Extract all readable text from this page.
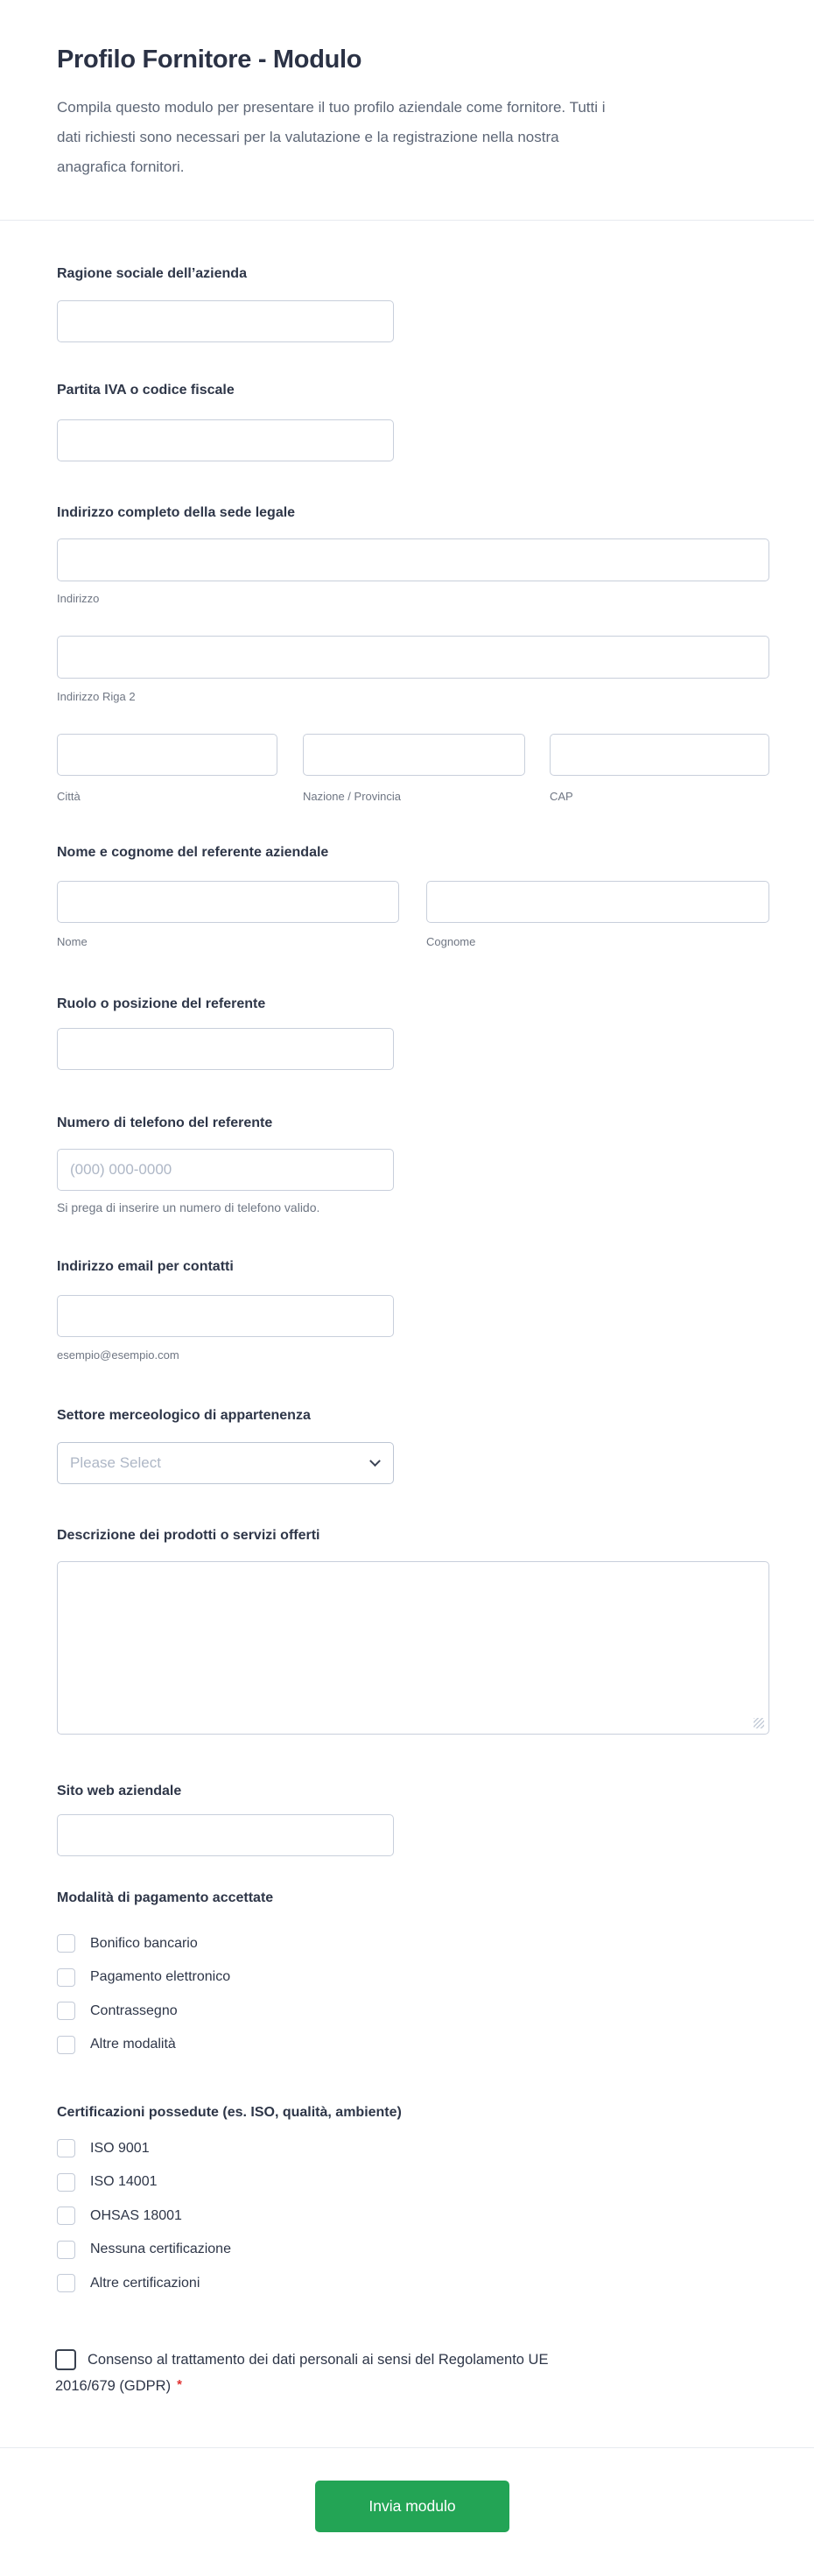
Profilo Fornitore - Modulo
Compila questo modulo per presentare il tuo profilo aziendale come fornitore. Tutti i
dati richiesti sono necessari per la valutazione e la registrazione nella nostra
anagrafica fornitori.
Ragione sociale dell’azienda
Partita IVA o codice fiscale
Indirizzo completo della sede legale
Indirizzo
Indirizzo Riga 2
Città	Nazione / Provincia	CAP
Nome e cognome del referente aziendale
Nome	Cognome
Ruolo o posizione del referente
Numero di telefono del referente
(000) 000-0000
Si prega di inserire un numero di telefono valido.
Indirizzo email per contatti
esempio@esempio.com
Settore merceologico di appartenenza
Please Select
Descrizione dei prodotti o servizi offerti
Sito web aziendale
Modalità di pagamento accettate
Bonifico bancario
Pagamento elettronico
Contrassegno
Altre modalità
Certificazioni possedute (es. ISO, qualità, ambiente)
ISO 9001
ISO 14001
OHSAS 18001
Nessuna certificazione
Altre certificazioni
Consenso al trattamento dei dati personali ai sensi del Regolamento UE
2016/679 (GDPR) *
Invia modulo
